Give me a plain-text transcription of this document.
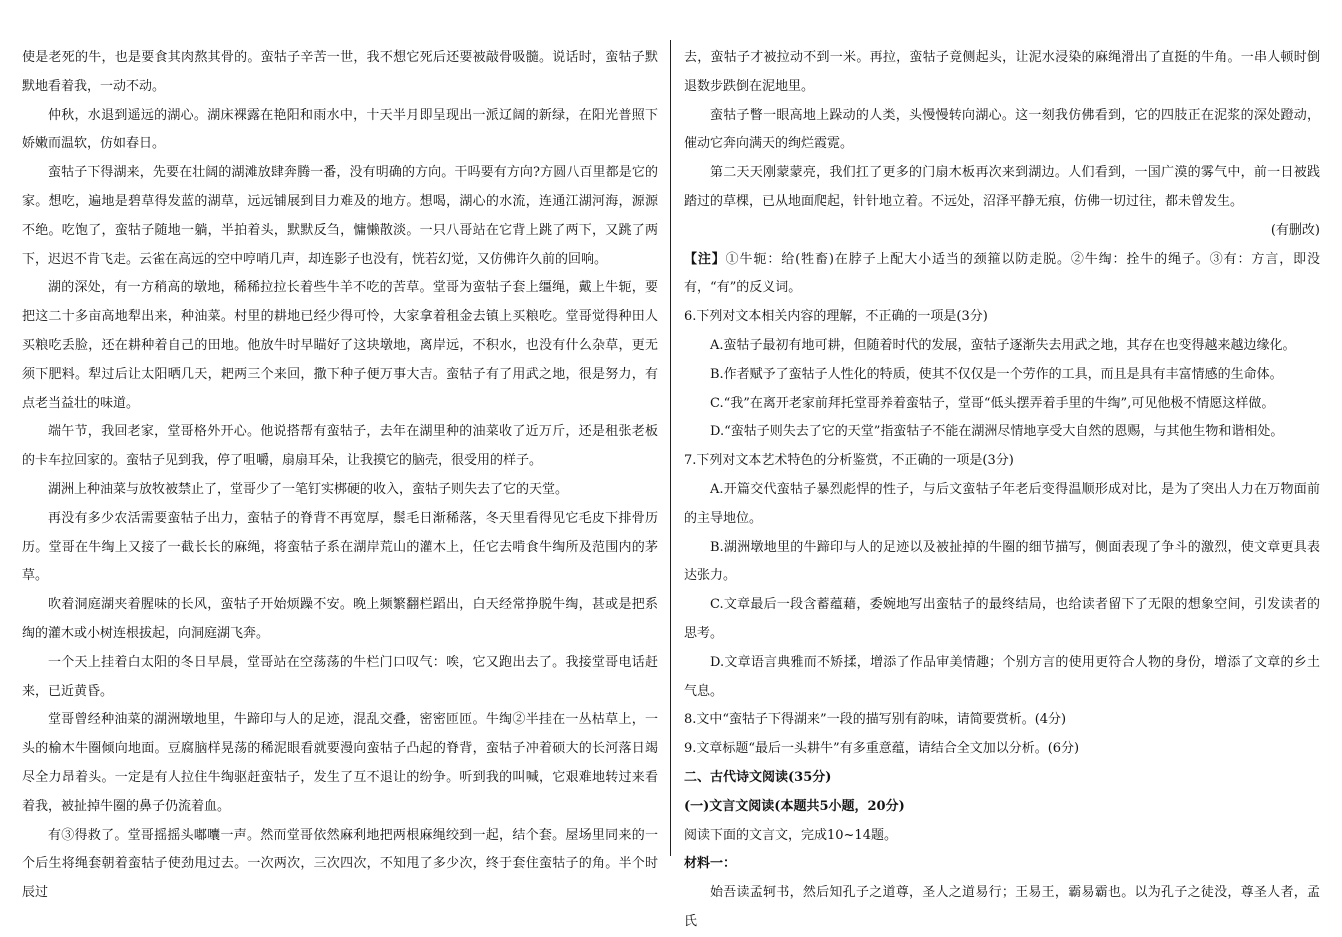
使是老死的牛，也是要食其肉熬其骨的。蛮牯子辛苦一世，我不想它死后还要被敲骨吸髓。说话时，蛮牯子默默地看着我，一动不动。

仲秋，水退到遥远的湖心。湖床裸露在艳阳和雨水中，十天半月即呈现出一派辽阔的新绿，在阳光普照下娇嫩而温软，仿如春日。

蛮牯子下得湖来，先要在壮阔的湖滩放肆奔腾一番，没有明确的方向。干吗要有方向?方圆八百里都是它的家。想吃，遍地是碧草得发蓝的湖草，远远铺展到目力难及的地方。想喝，湖心的水流，连通江湖河海，源源不绝。吃饱了，蛮牯子随地一躺，半拍着头，默默反刍，慵懒散淡。一只八哥站在它背上跳了两下，又跳了两下，迟迟不肯飞走。云雀在高远的空中哼哨几声，却连影子也没有，恍若幻觉，又仿佛许久前的回响。

湖的深处，有一方稍高的墩地，稀稀拉拉长着些牛羊不吃的苦草。堂哥为蛮牯子套上缰绳，戴上牛轭，要把这二十多亩高地犁出来，种油菜。村里的耕地已经少得可怜，大家拿着租金去镇上买粮吃。堂哥觉得种田人买粮吃丢脸，还在耕种着自己的田地。他放牛时早瞄好了这块墩地，离岸远，不积水，也没有什么杂草，更无须下肥料。犁过后让太阳晒几天，耙两三个来回，撒下种子便万事大吉。蛮牯子有了用武之地，很是努力，有点老当益壮的味道。

端午节，我回老家，堂哥格外开心。他说搭帮有蛮牯子，去年在湖里种的油菜收了近万斤，还是租张老板的卡车拉回家的。蛮牯子见到我，停了咀嚼，扇扇耳朵，让我摸它的脑壳，很受用的样子。

湖洲上种油菜与放牧被禁止了，堂哥少了一笔钉实梆硬的收入，蛮牯子则失去了它的天堂。

再没有多少农活需要蛮牯子出力，蛮牯子的脊背不再宽厚，鬃毛日渐稀落，冬天里看得见它毛皮下排骨历历。堂哥在牛绹上又接了一截长长的麻绳，将蛮牯子系在湖岸荒山的灌木上，任它去啃食牛绹所及范围内的茅草。

吹着洞庭湖夹着腥味的长风，蛮牯子开始烦躁不安。晚上频繁翻栏蹈出，白天经常挣脱牛绹，甚或是把系绹的灌木或小树连根拔起，向洞庭湖飞奔。

一个天上挂着白太阳的冬日早晨，堂哥站在空荡荡的牛栏门口叹气：唉，它又跑出去了。我接堂哥电话赶来，已近黄昏。

堂哥曾经种油菜的湖洲墩地里，牛蹄印与人的足迹，混乱交叠，密密匝匝。牛绹②半挂在一丛枯草上，一头的榆木牛圈倾向地面。豆腐脑样晃荡的稀泥眼看就要漫向蛮牯子凸起的脊背，蛮牯子冲着硕大的长河落日竭尽全力昂着头。一定是有人拉住牛绹驱赶蛮牯子，发生了互不退让的纷争。听到我的叫喊，它艰难地转过来看着我，被扯掉牛圈的鼻子仍流着血。

有③得救了。堂哥摇摇头嘟囔一声。然而堂哥依然麻利地把两根麻绳绞到一起，结个套。屋场里同来的一个后生将绳套朝着蛮牯子使劲甩过去。一次两次，三次四次，不知甩了多少次，终于套住蛮牯子的角。半个时辰过

去，蛮牯子才被拉动不到一米。再拉，蛮牯子竟侧起头，让泥水浸染的麻绳滑出了直挺的牛角。一串人顿时倒退数步跌倒在泥地里。

蛮牯子瞥一眼高地上跺动的人类，头慢慢转向湖心。这一刻我仿佛看到，它的四肢正在泥浆的深处蹬动，催动它奔向满天的绚烂霞霓。

第二天天刚蒙蒙亮，我们扛了更多的门扇木板再次来到湖边。人们看到，一国广漠的雾气中，前一日被践踏过的草棵，已从地面爬起，针针地立着。不远处，沼泽平静无痕，仿佛一切过往，都未曾发生。

(有删改)

【注】①牛轭：给(牲畜)在脖子上配大小适当的颈箍以防走脱。②牛绹：拴牛的绳子。③有：方言，即没有，“有”的反义词。

6.下列对文本相关内容的理解，不正确的一项是(3分)

A.蛮牯子最初有地可耕，但随着时代的发展，蛮牯子逐渐失去用武之地，其存在也变得越来越边缘化。

B.作者赋予了蛮牯子人性化的特质，使其不仅仅是一个劳作的工具，而且是具有丰富情感的生命体。

C.“我”在离开老家前拜托堂哥养着蛮牯子，堂哥“低头摆弄着手里的牛绹”,可见他极不情愿这样做。

D.“蛮牯子则失去了它的天堂”指蛮牯子不能在湖洲尽情地享受大自然的恩赐，与其他生物和谐相处。

7.下列对文本艺术特色的分析鉴赏，不正确的一项是(3分)

A.开篇交代蛮牯子暴烈彪悍的性子，与后文蛮牯子年老后变得温顺形成对比，是为了突出人力在万物面前的主导地位。

B.湖洲墩地里的牛蹄印与人的足迹以及被扯掉的牛圈的细节描写，侧面表现了争斗的激烈，使文章更具表达张力。

C.文章最后一段含蓄蕴藉，委婉地写出蛮牯子的最终结局，也给读者留下了无限的想象空间，引发读者的思考。

D.文章语言典雅而不矫揉，增添了作品审美情趣；个别方言的使用更符合人物的身份，增添了文章的乡土气息。

8.文中“蛮牯子下得湖来”一段的描写别有韵味，请简要赏析。(4分)

9.文章标题“最后一头耕牛”有多重意蕴，请结合全文加以分析。(6分)

二、古代诗文阅读(35分)

(一)文言文阅读(本题共5小题，20分)

阅读下面的文言文，完成10~14题。

材料一：

始吾读孟轲书，然后知孔子之道尊，圣人之道易行；王易王，霸易霸也。以为孔子之徒没，尊圣人者，孟氏
